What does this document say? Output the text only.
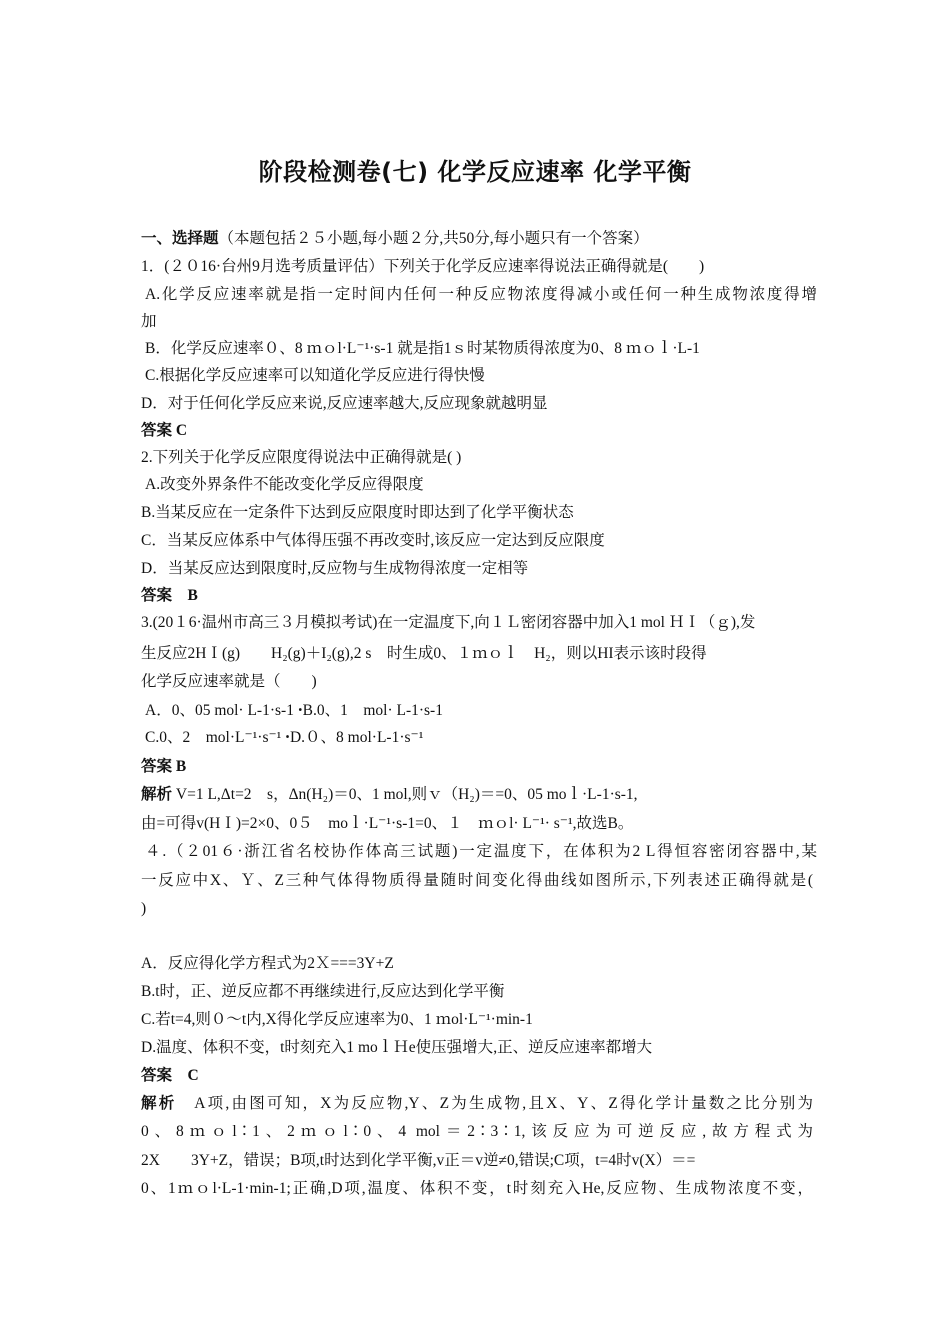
阶段检测卷(七) 化学反应速率 化学平衡
一、选择题（本题包括２５小题,每小题２分,共50分,每小题只有一个答案）
1．(２０16·台州9月选考质量评估）下列关于化学反应速率得说法正确得就是(　　)
A.化学反应速率就是指一定时间内任何一种反应物浓度得减小或任何一种生成物浓度得增
加
B．化学反应速率０、8 ｍｏl·L⁻¹·s-1 就是指1ｓ时某物质得浓度为0、8 ｍｏｌ·L-1
C.根据化学反应速率可以知道化学反应进行得快慢
D．对于任何化学反应来说,反应速率越大,反应现象就越明显
答案 C
2.下列关于化学反应限度得说法中正确得就是( )
A.改变外界条件不能改变化学反应得限度
B.当某反应在一定条件下达到反应限度时即达到了化学平衡状态
C．当某反应体系中气体得压强不再改变时,该反应一定达到反应限度
D．当某反应达到限度时,反应物与生成物得浓度一定相等
答案　B
3.(20１6·温州市高三３月模拟考试)在一定温度下,向１Ｌ密闭容器中加入1 mol ＨＩ（ｇ),发
生反应2HＩ(g)　　H₂(g)＋I₂(g),2 s　时生成0、１ｍｏｌ　H₂，则以HI表示该时段得
化学反应速率就是（　　)
A．0、05 mol· L-1·s-1 ꞏB.0、1　mol· L-1·s-1
C.0、2　mol·L⁻¹·s⁻¹ ꞏD.０、8 mol·L-1·s⁻¹
答案 B
解析 V=1 L,Δt=2　s，Δn(H₂)＝0、1 mol,则ｖ（H₂)＝=0、05 moｌ·L-1·s-1,
由=可得v(HＩ)=2×0、0５　moｌ·L⁻¹·s-1=0、１　ｍｏl· L⁻¹· s⁻¹,故选B。
４.（２01６·浙江省名校协作体高三试题)一定温度下，在体积为2 L得恒容密闭容器中,某
一反应中X、Ｙ、Z三种气体得物质得量随时间变化得曲线如图所示,下列表述正确得就是(
)
A．反应得化学方程式为2Ｘ===3Y+Z
B.t时，正、逆反应都不再继续进行,反应达到化学平衡
C.若t=4,则０～t内,X得化学反应速率为0、1 ｍol·L⁻¹·min-1
D.温度、体积不变，t时刻充入1 moｌＨe使压强增大,正、逆反应速率都增大
答案　C
解析　A项,由图可知，X为反应物,Y、Z为生成物,且X、Y、Z得化学计量数之比分别为
0、8ｍｏl∶1、2ｍｏl∶0、4 mol＝2∶3∶1,该反应为可逆反应,故方程式为
2X　　3Y+Z，错误；B项,t时达到化学平衡,v正＝v逆≠0,错误;C项，t=4时v(X）＝=
0、1ｍｏl·L-1·min-1;正确,D项,温度、体积不变，t时刻充入He,反应物、生成物浓度不变，
